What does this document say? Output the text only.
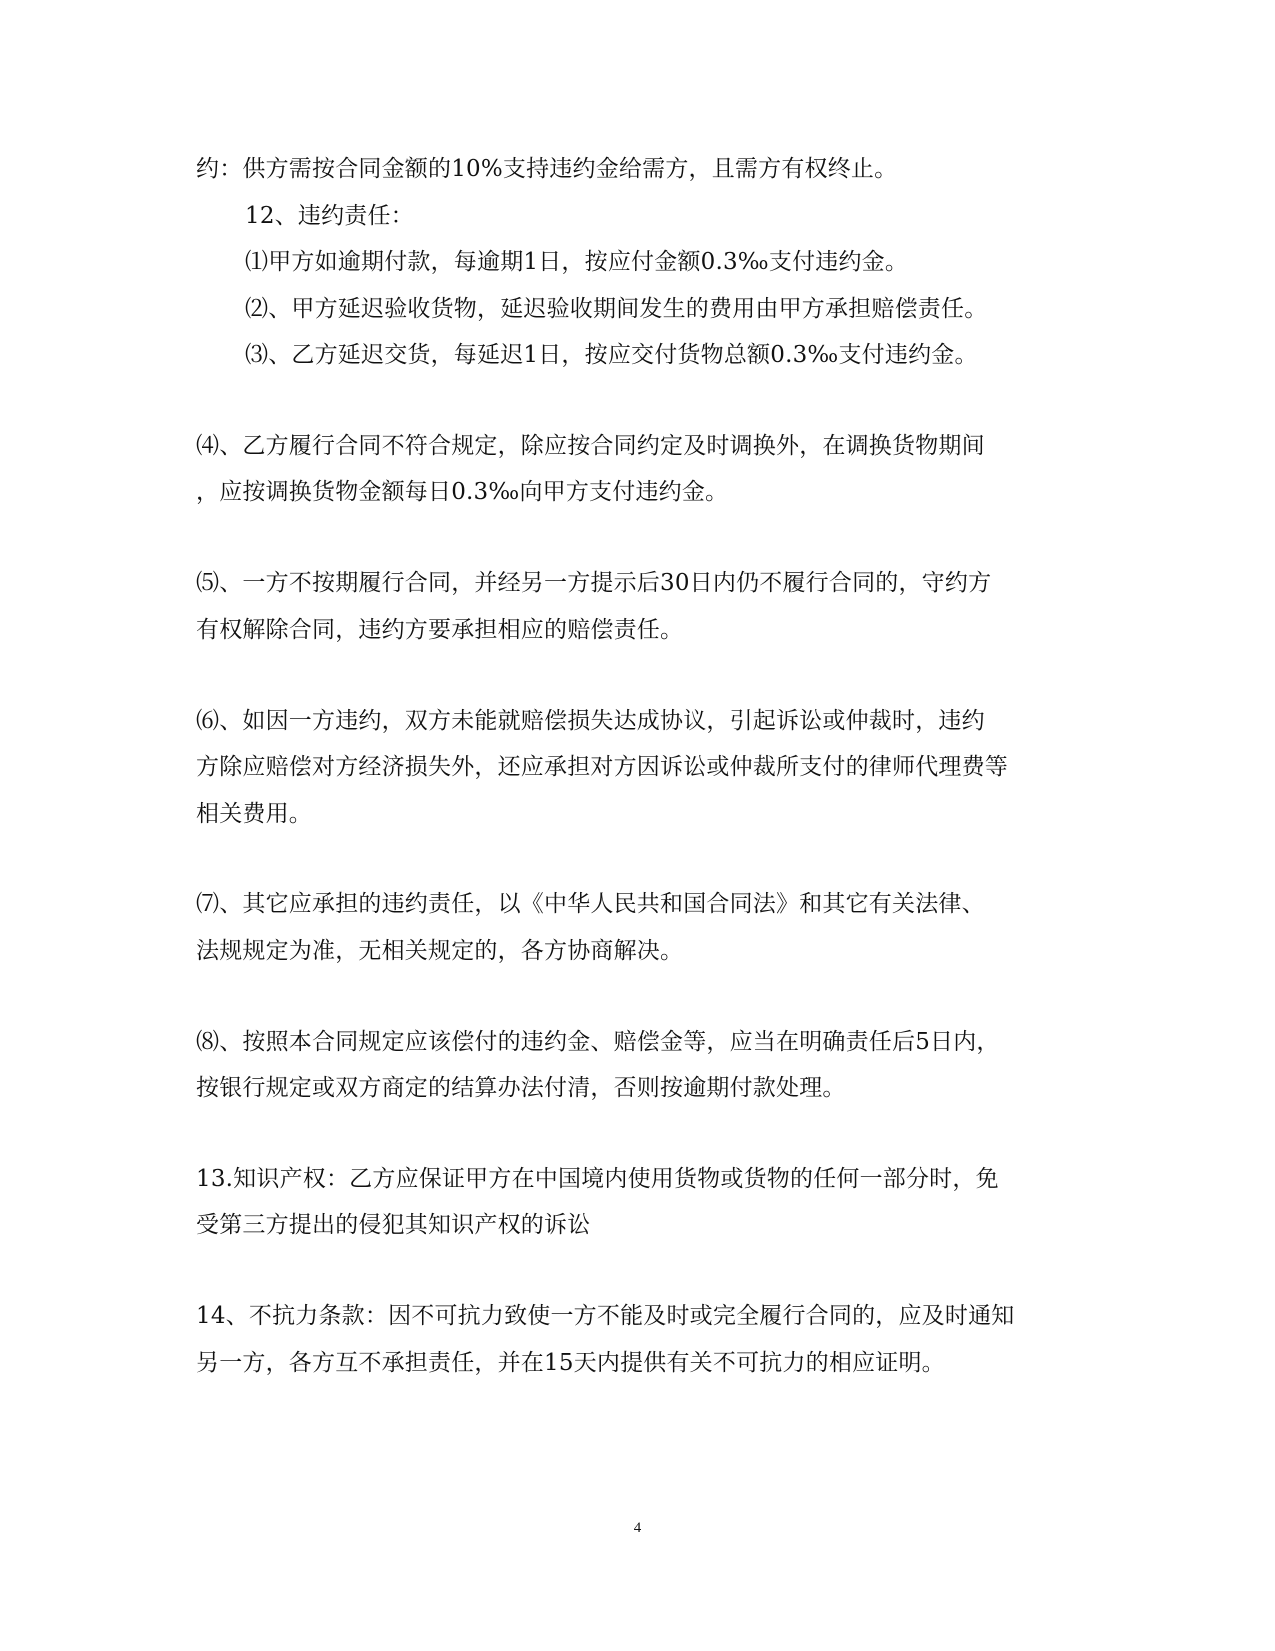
约：供方需按合同金额的10%支持违约金给需方，且需方有权终止。
12、违约责任：
⑴甲方如逾期付款，每逾期1日，按应付金额0.3‰支付违约金。
⑵、甲方延迟验收货物，延迟验收期间发生的费用由甲方承担赔偿责任。
⑶、乙方延迟交货，每延迟1日，按应交付货物总额0.3‰支付违约金。
⑷、乙方履行合同不符合规定，除应按合同约定及时调换外，在调换货物期间
，应按调换货物金额每日0.3‰向甲方支付违约金。
⑸、一方不按期履行合同，并经另一方提示后30日内仍不履行合同的，守约方
有权解除合同，违约方要承担相应的赔偿责任。
⑹、如因一方违约，双方未能就赔偿损失达成协议，引起诉讼或仲裁时，违约
方除应赔偿对方经济损失外，还应承担对方因诉讼或仲裁所支付的律师代理费等
相关费用。
⑺、其它应承担的违约责任，以《中华人民共和国合同法》和其它有关法律、
法规规定为准，无相关规定的，各方协商解决。
⑻、按照本合同规定应该偿付的违约金、赔偿金等，应当在明确责任后5日内，
按银行规定或双方商定的结算办法付清，否则按逾期付款处理。
13.知识产权：乙方应保证甲方在中国境内使用货物或货物的任何一部分时，免
受第三方提出的侵犯其知识产权的诉讼
14、不抗力条款：因不可抗力致使一方不能及时或完全履行合同的，应及时通知
另一方，各方互不承担责任，并在15天内提供有关不可抗力的相应证明。
4
